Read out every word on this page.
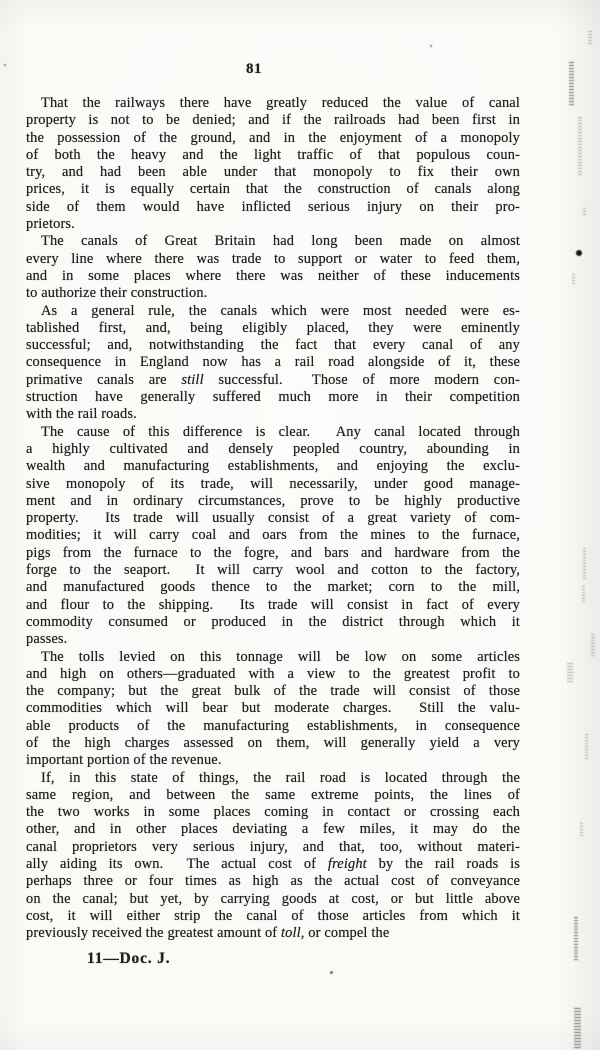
81
That the railways there have greatly reduced the value of canal
property is not to be denied; and if the railroads had been first in
the possession of the ground, and in the enjoyment of a monopoly
of both the heavy and the light traffic of that populous coun-
try, and had been able under that monopoly to fix their own
prices, it is equally certain that the construction of canals along
side of them would have inflicted serious injury on their pro-
prietors.
The canals of Great Britain had long been made on almost
every line where there was trade to support or water to feed them,
and in some places where there was neither of these inducements
to authorize their construction.
As a general rule, the canals which were most needed were es-
tablished first, and, being eligibly placed, they were eminently
successful; and, notwithstanding the fact that every canal of any
consequence in England now has a rail road alongside of it, these
primative canals are still successful.  Those of more modern con-
struction have generally suffered much more in their competition
with the rail roads.
The cause of this difference is clear.  Any canal located through
a highly cultivated and densely peopled country, abounding in
wealth and manufacturing establishments, and enjoying the exclu-
sive monopoly of its trade, will necessarily, under good manage-
ment and in ordinary circumstances, prove to be highly productive
property.  Its trade will usually consist of a great variety of com-
modities; it will carry coal and oars from the mines to the furnace,
pigs from the furnace to the fogre, and bars and hardware from the
forge to the seaport.  It will carry wool and cotton to the factory,
and manufactured goods thence to the market; corn to the mill,
and flour to the shipping.  Its trade will consist in fact of every
commodity consumed or produced in the district through which it
passes.
The tolls levied on this tonnage will be low on some articles
and high on others—graduated with a view to the greatest profit to
the company; but the great bulk of the trade will consist of those
commodities which will bear but moderate charges.  Still the valu-
able products of the manufacturing establishments, in consequence
of the high charges assessed on them, will generally yield a very
important portion of the revenue.
If, in this state of things, the rail road is located through the
same region, and between the same extreme points, the lines of
the two works in some places coming in contact or crossing each
other, and in other places deviating a few miles, it may do the
canal proprietors very serious injury, and that, too, without materi-
ally aiding its own.  The actual cost of freight by the rail roads is
perhaps three or four times as high as the actual cost of conveyance
on the canal; but yet, by carrying goods at cost, or but little above
cost, it will either strip the canal of those articles from which it
previously received the greatest amount of toll, or compel the
11—Doc. J.
